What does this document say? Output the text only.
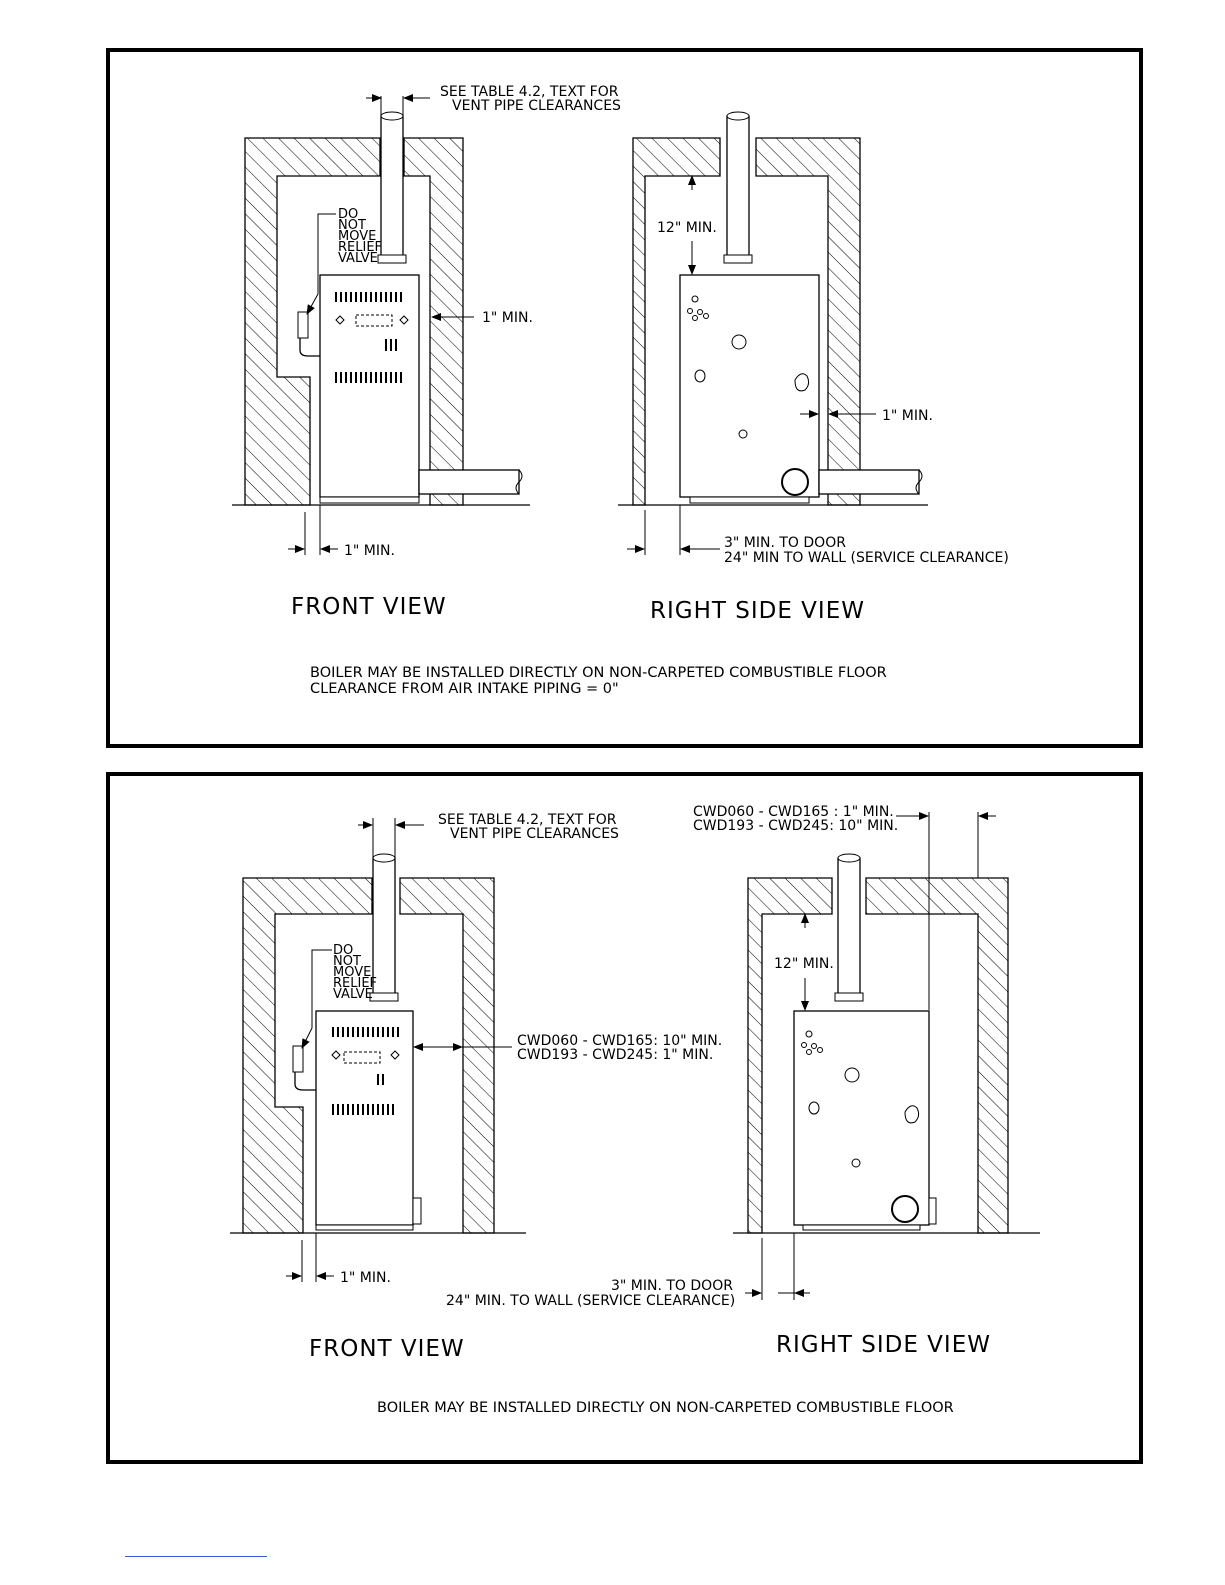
SEE TABLE 4.2, TEXT FOR
VENT PIPE CLEARANCES
DO
NOT
MOVE
RELIEF
VALVE
1" MIN.
1" MIN.
12" MIN.
1" MIN.
3" MIN. TO DOOR
24" MIN TO WALL (SERVICE CLEARANCE)
FRONT VIEW	RIGHT SIDE VIEW
BOILER MAY BE INSTALLED DIRECTLY ON NON-CARPETED COMBUSTIBLE FLOOR
CLEARANCE FROM AIR INTAKE PIPING = 0"
SEE TABLE 4.2, TEXT FOR
VENT PIPE CLEARANCES
CWD060 - CWD165 : 1" MIN.
CWD193 - CWD245: 10" MIN.
DO
NOT
MOVE
RELIEF
VALVE
CWD060 - CWD165: 10" MIN.
CWD193 - CWD245: 1" MIN.
1" MIN.
12" MIN.
3" MIN. TO DOOR
24" MIN. TO WALL (SERVICE CLEARANCE)
FRONT VIEW	RIGHT SIDE VIEW
BOILER MAY BE INSTALLED DIRECTLY ON NON-CARPETED COMBUSTIBLE FLOOR
